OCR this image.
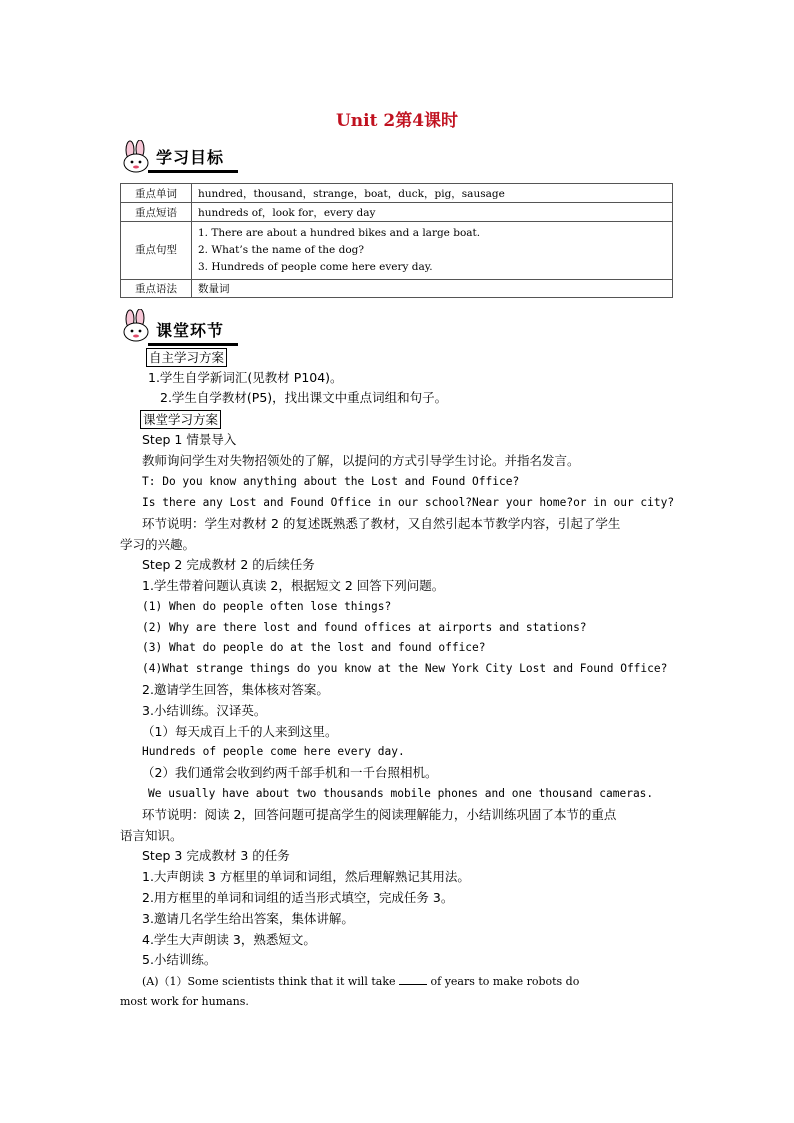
Unit 2第4课时
学习目标
重点单词	hundred，thousand，strange，boat，duck，pig，sausage
重点短语	hundreds of，look for，every day
重点句型	1. There are about a hundred bikes and a large boat.
2. What’s the name of the dog?
3. Hundreds of people come here every day.

重点语法	数量词
课堂环节
自主学习方案
1.学生自学新词汇(见教材 P104)。
2.学生自学教材(P5)，找出课文中重点词组和句子。
课堂学习方案
Step 1 情景导入
教师询问学生对失物招领处的了解，以提问的方式引导学生讨论。并指名发言。
T: Do you know anything about the Lost and Found Office?
Is there any Lost and Found Office in our school?Near your home?or in our city?
环节说明：学生对教材 2 的复述既熟悉了教材，又自然引起本节教学内容，引起了学生
学习的兴趣。
Step 2 完成教材 2 的后续任务
1.学生带着问题认真读 2，根据短文 2 回答下列问题。
(1) When do people often lose things?
(2) Why are there lost and found offices at airports and stations?
(3) What do people do at the lost and found office?
(4)What strange things do you know at the New York City Lost and Found Office?
2.邀请学生回答，集体核对答案。
3.小结训练。汉译英。
（1）每天成百上千的人来到这里。
Hundreds of people come here every day.
（2）我们通常会收到约两千部手机和一千台照相机。
We usually have about two thousands mobile phones and one thousand cameras.
环节说明：阅读 2，回答问题可提高学生的阅读理解能力，小结训练巩固了本节的重点
语言知识。
Step 3 完成教材 3 的任务
1.大声朗读 3 方框里的单词和词组，然后理解熟记其用法。
2.用方框里的单词和词组的适当形式填空，完成任务 3。
3.邀请几名学生给出答案，集体讲解。
4.学生大声朗读 3，熟悉短文。
5.小结训练。
(A)（1）Some scientists think that it will take	of years to make robots do
most work for humans.
